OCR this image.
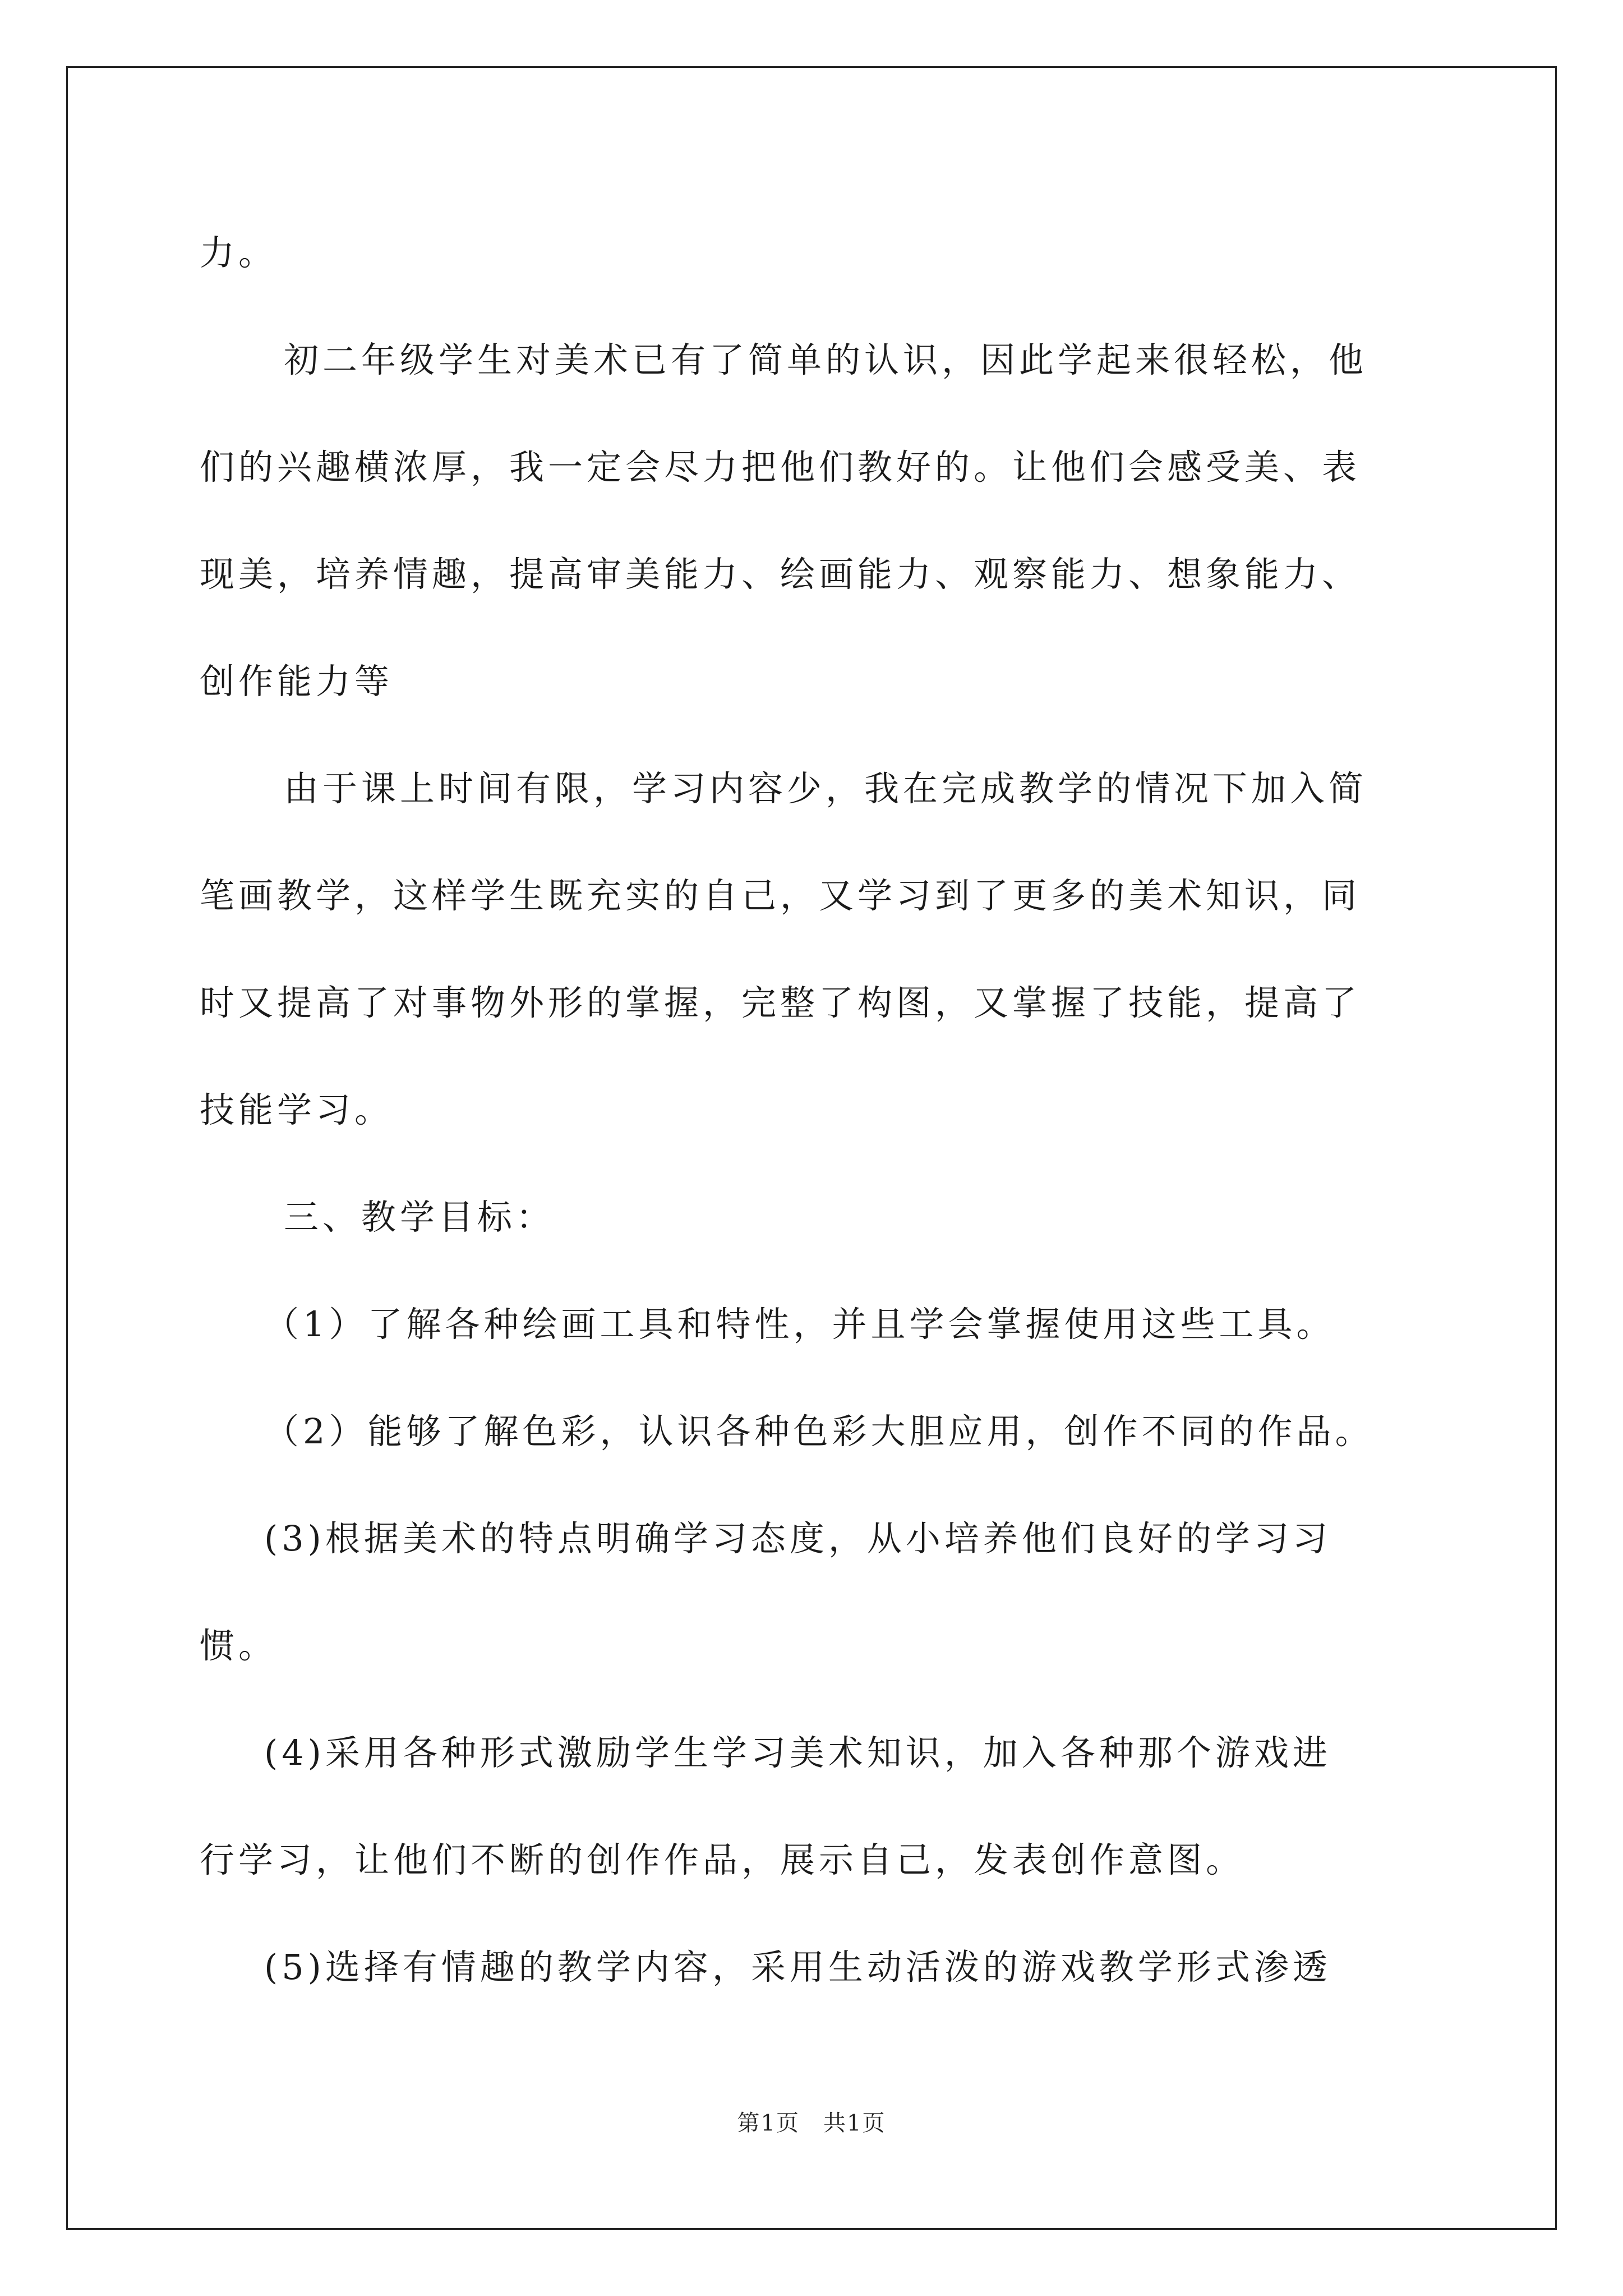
力。

初二年级学生对美术已有了简单的认识，因此学起来很轻松，他

们的兴趣横浓厚，我一定会尽力把他们教好的。让他们会感受美、表

现美，培养情趣，提高审美能力、绘画能力、观察能力、想象能力、

创作能力等

由于课上时间有限，学习内容少，我在完成教学的情况下加入简

笔画教学，这样学生既充实的自己，又学习到了更多的美术知识，同

时又提高了对事物外形的掌握，完整了构图，又掌握了技能，提高了

技能学习。

三、教学目标：

（1）了解各种绘画工具和特性，并且学会掌握使用这些工具。

（2）能够了解色彩，认识各种色彩大胆应用，创作不同的作品。

(3)根据美术的特点明确学习态度，从小培养他们良好的学习习

惯。

(4)采用各种形式激励学生学习美术知识，加入各种那个游戏进

行学习，让他们不断的创作作品，展示自己，发表创作意图。

(5)选择有情趣的教学内容，采用生动活泼的游戏教学形式渗透

第1页　共1页
